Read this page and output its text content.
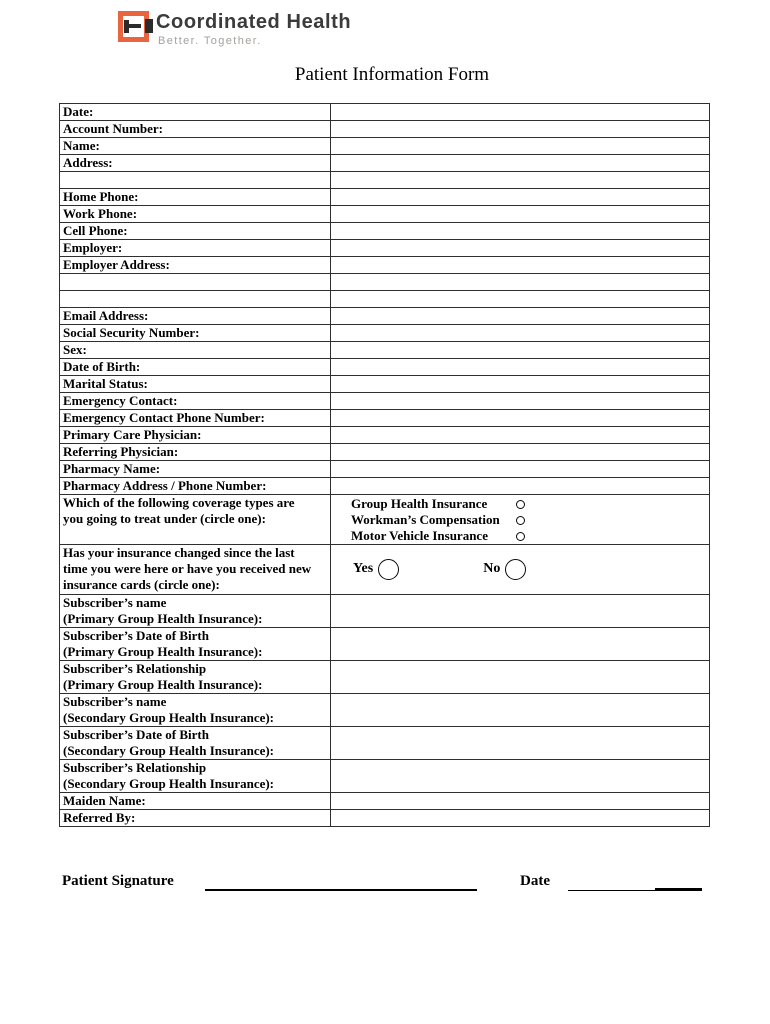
Coordinated Health
Better. Together.
Patient Information Form
Date:	

Account Number:	

Name:	

Address:	

Home Phone:	

Work Phone:	

Cell Phone:	

Employer:	

Employer Address:	

Email Address:	

Social Security Number:	

Sex:	

Date of Birth:	

Marital Status:	

Emergency Contact:	

Emergency Contact Phone Number:	

Primary Care Physician:	

Referring Physician:	

Pharmacy Name:	

Pharmacy Address / Phone Number:	

Which of the following coverage types are
you going to treat under (circle one):

Group Health Insurance
Workman’s Compensation
Motor Vehicle Insurance

Has your insurance changed since the last
time you were here or have you received new
insurance cards (circle one):

Yes	No

Subscriber’s name
(Primary Group Health Insurance):	

Subscriber’s Date of Birth
(Primary Group Health Insurance):	

Subscriber’s Relationship
(Primary Group Health Insurance):	

Subscriber’s name
(Secondary Group Health Insurance):	

Subscriber’s Date of Birth
(Secondary Group Health Insurance):	

Subscriber’s Relationship
(Secondary Group Health Insurance):	

Maiden Name:	

Referred By:	

Patient Signature	Date
